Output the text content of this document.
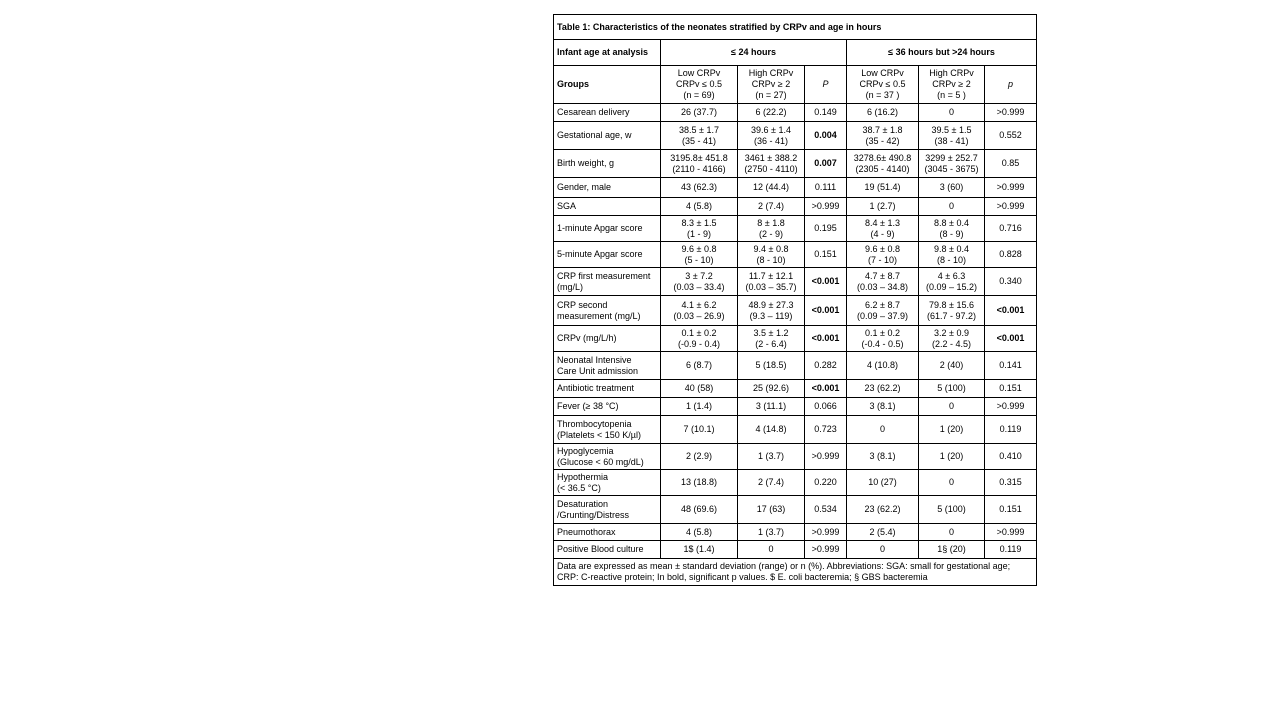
Table 1: Characteristics of the neonates stratified by CRPv and age in hours						
Infant age at analysis	≤ 24 hours			≤ 36 hours but >24 hours		
Groups	Low CRPv
CRPv ≤ 0.5
(n = 69)	High CRPv
CRPv ≥ 2
(n = 27)	P	Low CRPv
CRPv ≤ 0.5
(n = 37 )	High CRPv
CRPv ≥ 2
(n = 5 )	p

Cesarean delivery	26 (37.7)	6 (22.2)	0.149	6 (16.2)	0	>0.999

Gestational age, w	38.5 ± 1.7
(35 - 41)	39.6 ± 1.4
(36 - 41)	0.004	38.7 ± 1.8
(35 - 42)	39.5 ± 1.5
(38 - 41)	0.552

Birth weight, g	3195.8± 451.8
(2110 - 4166)	3461 ± 388.2
(2750 - 4110)	0.007	3278.6± 490.8
(2305 - 4140)	3299 ± 252.7
(3045 - 3675)	0.85

Gender, male	43 (62.3)	12 (44.4)	0.111	19 (51.4)	3 (60)	>0.999

SGA	4 (5.8)	2 (7.4)	>0.999	1 (2.7)	0	>0.999

1-minute Apgar score	8.3 ± 1.5
(1 - 9)	8 ± 1.8
(2 - 9)	0.195	8.4 ± 1.3
(4 - 9)	8.8 ± 0.4
(8 - 9)	0.716

5-minute Apgar score	9.6 ± 0.8
(5 - 10)	9.4 ± 0.8
(8 - 10)	0.151	9.6 ± 0.8
(7 - 10)	9.8 ± 0.4
(8 - 10)	0.828

CRP first measurement
(mg/L)	3 ± 7.2
(0.03 – 33.4)	11.7 ± 12.1
(0.03 – 35.7)	<0.001	4.7 ± 8.7
(0.03 – 34.8)	4 ± 6.3
(0.09 – 15.2)	0.340

CRP second
measurement (mg/L)	4.1 ± 6.2
(0.03 – 26.9)	48.9 ± 27.3
(9.3 – 119)	<0.001	6.2 ± 8.7
(0.09 – 37.9)	79.8 ± 15.6
(61.7 - 97.2)	<0.001

CRPv (mg/L/h)	0.1 ± 0.2
(-0.9 - 0.4)	3.5 ± 1.2
(2 - 6.4)	<0.001	0.1 ± 0.2
(-0.4 - 0.5)	3.2 ± 0.9
(2.2 - 4.5)	<0.001

Neonatal Intensive
Care Unit admission	6 (8.7)	5 (18.5)	0.282	4 (10.8)	2 (40)	0.141

Antibiotic treatment	40 (58)	25 (92.6)	<0.001	23 (62.2)	5 (100)	0.151

Fever (≥ 38 °C)	1 (1.4)	3 (11.1)	0.066	3 (8.1)	0	>0.999

Thrombocytopenia
(Platelets < 150 K/µl)	7 (10.1)	4 (14.8)	0.723	0	1 (20)	0.119

Hypoglycemia
(Glucose < 60 mg/dL)	2 (2.9)	1 (3.7)	>0.999	3 (8.1)	1 (20)	0.410

Hypothermia
(< 36.5 °C)	13 (18.8)	2 (7.4)	0.220	10 (27)	0	0.315

Desaturation
/Grunting/Distress	48 (69.6)	17 (63)	0.534	23 (62.2)	5 (100)	0.151

Pneumothorax	4 (5.8)	1 (3.7)	>0.999	2 (5.4)	0	>0.999

Positive Blood culture	1$ (1.4)	0	>0.999	0	1§ (20)	0.119

Data are expressed as mean ± standard deviation (range) or n (%). Abbreviations: SGA: small for gestational age; CRP: C-reactive protein; In bold, significant p values. $ E. coli bacteremia; § GBS bacteremia						
